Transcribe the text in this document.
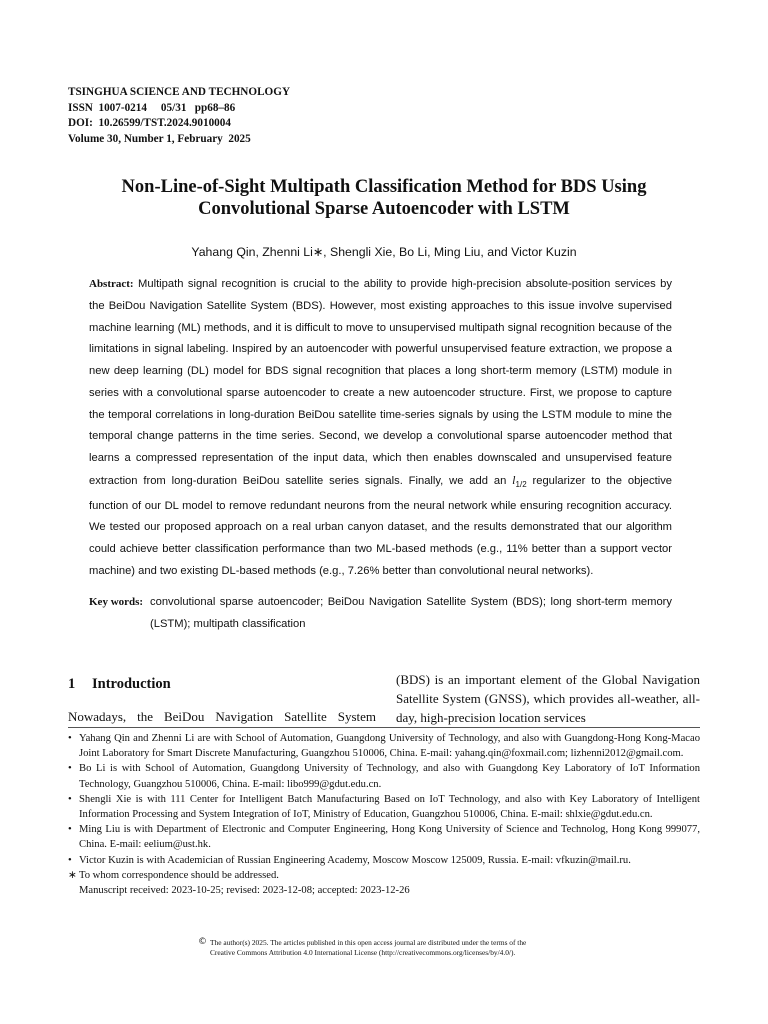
TSINGHUA SCIENCE AND TECHNOLOGY
ISSN  1007-0214     05/31   pp68–86
DOI:  10.26599/TST.2024.9010004
Volume 30, Number 1, February  2025
Non-Line-of-Sight Multipath Classification Method for BDS Using
Convolutional Sparse Autoencoder with LSTM
Yahang Qin, Zhenni Li∗, Shengli Xie, Bo Li, Ming Liu, and Victor Kuzin
Abstract: Multipath signal recognition is crucial to the ability to provide high-precision absolute-position services by the BeiDou Navigation Satellite System (BDS). However, most existing approaches to this issue involve supervised machine learning (ML) methods, and it is difficult to move to unsupervised multipath signal recognition because of the limitations in signal labeling. Inspired by an autoencoder with powerful unsupervised feature extraction, we propose a new deep learning (DL) model for BDS signal recognition that places a long short-term memory (LSTM) module in series with a convolutional sparse autoencoder to create a new autoencoder structure. First, we propose to capture the temporal correlations in long-duration BeiDou satellite time-series signals by using the LSTM module to mine the temporal change patterns in the time series. Second, we develop a convolutional sparse autoencoder method that learns a compressed representation of the input data, which then enables downscaled and unsupervised feature extraction from long-duration BeiDou satellite series signals. Finally, we add an $l_{1/2}$ regularizer to the objective function of our DL model to remove redundant neurons from the neural network while ensuring recognition accuracy. We tested our proposed approach on a real urban canyon dataset, and the results demonstrated that our algorithm could achieve better classification performance than two ML-based methods (e.g., 11% better than a support vector machine) and two existing DL-based methods (e.g., 7.26% better than convolutional neural networks).
Key words: convolutional sparse autoencoder; BeiDou Navigation Satellite System (BDS); long short-term memory (LSTM); multipath classification
1 Introduction
Nowadays, the BeiDou Navigation Satellite System
(BDS) is an important element of the Global Navigation Satellite System (GNSS), which provides all-weather, all-day, high-precision location services
• Yahang Qin and Zhenni Li are with School of Automation, Guangdong University of Technology, and also with Guangdong-Hong Kong-Macao Joint Laboratory for Smart Discrete Manufacturing, Guangzhou 510006, China. E-mail: yahang.qin@foxmail.com; lizhenni2012@gmail.com.
• Bo Li is with School of Automation, Guangdong University of Technology, and also with Guangdong Key Laboratory of IoT Information Technology, Guangzhou 510006, China. E-mail: libo999@gdut.edu.cn.
• Shengli Xie is with 111 Center for Intelligent Batch Manufacturing Based on IoT Technology, and also with Key Laboratory of Intelligent Information Processing and System Integration of IoT, Ministry of Education, Guangzhou 510006, China. E-mail: shlxie@gdut.edu.cn.
• Ming Liu is with Department of Electronic and Computer Engineering, Hong Kong University of Science and Technolog, Hong Kong 999077, China. E-mail: eelium@ust.hk.
• Victor Kuzin is with Academician of Russian Engineering Academy, Moscow Moscow 125009, Russia. E-mail: vfkuzin@mail.ru.
∗ To whom correspondence should be addressed.
Manuscript received: 2023-10-25; revised: 2023-12-08; accepted: 2023-12-26
© The author(s) 2025. The articles published in this open access journal are distributed under the terms of the
Creative Commons Attribution 4.0 International License (http://creativecommons.org/licenses/by/4.0/).
